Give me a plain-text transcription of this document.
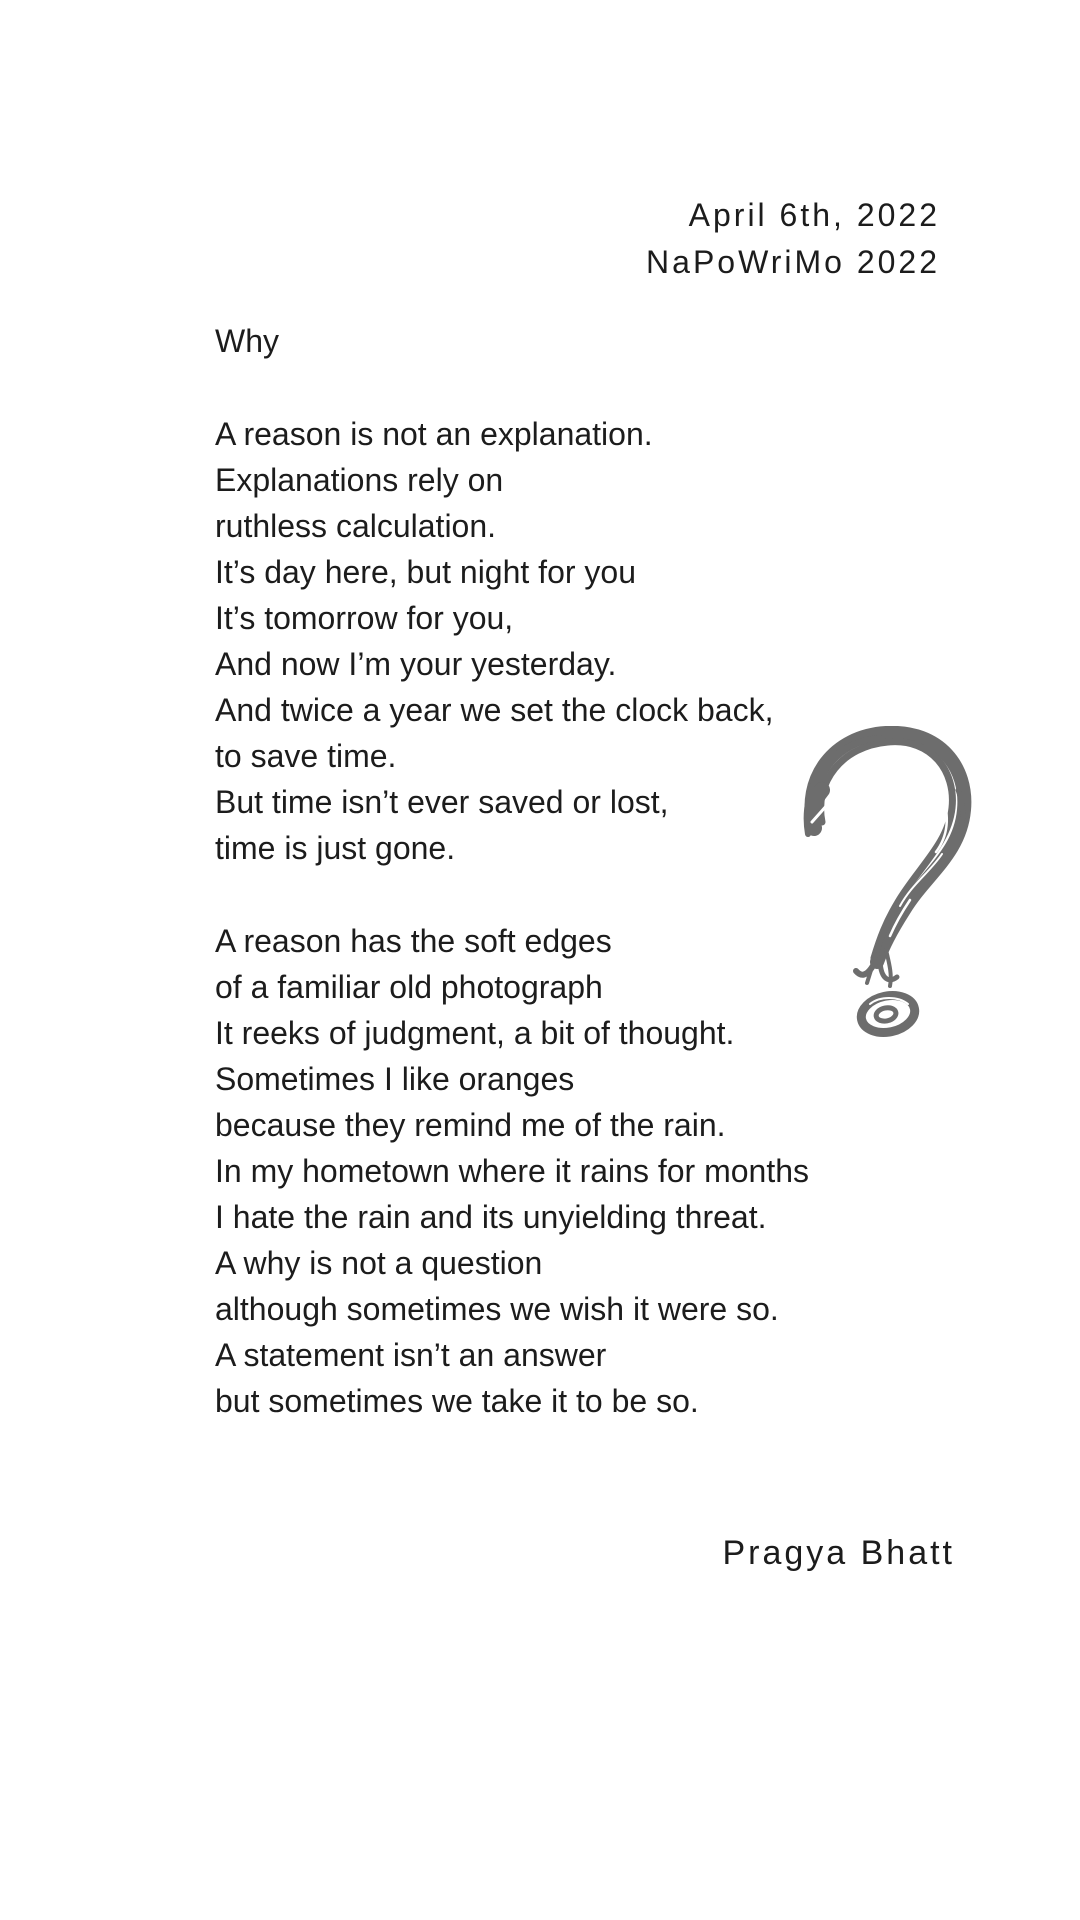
April 6th, 2022
NaPoWriMo 2022
Why
A reason is not an explanation.
Explanations rely on
ruthless calculation.
It’s day here, but night for you
It’s tomorrow for you,
And now I’m your yesterday.
And twice a year we set the clock back,
to save time.
But time isn’t ever saved or lost,
time is just gone.
A reason has the soft edges
of a familiar old photograph
It reeks of judgment, a bit of thought.
Sometimes I like oranges
because they remind me of the rain.
In my hometown where it rains for months
I hate the rain and its unyielding threat.
A why is not a question
although sometimes we wish it were so.
A statement isn’t an answer
but sometimes we take it to be so.
Pragya Bhatt
